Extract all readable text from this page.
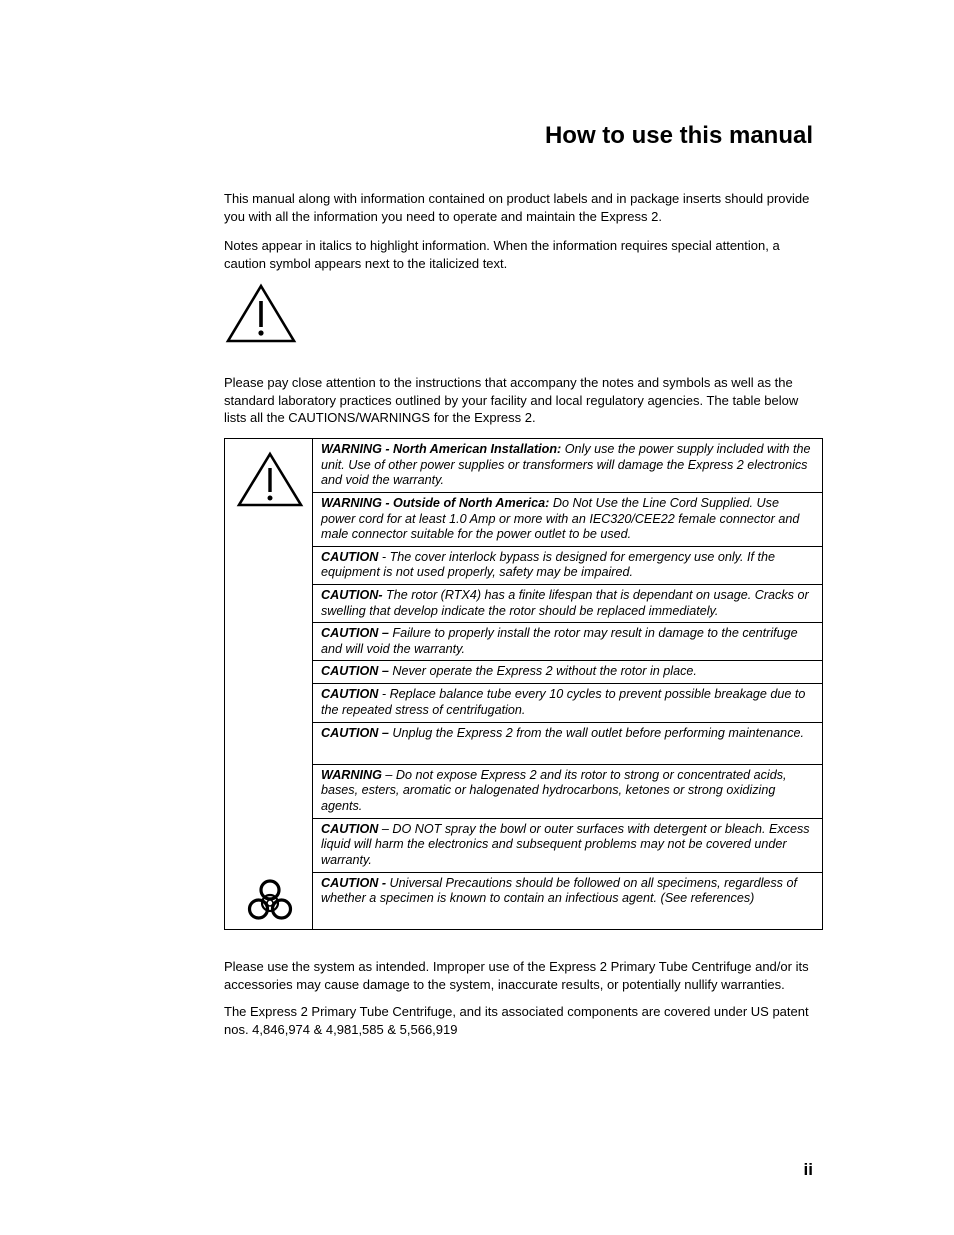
How to use this manual

This manual along with information contained on product labels and in package inserts should provide you with all the information you need to operate and maintain the Express 2.

Notes appear in italics to highlight information. When the information requires special attention, a caution symbol appears next to the italicized text.

Please pay close attention to the instructions that accompany the notes and symbols as well as the standard laboratory practices outlined by your facility and local regulatory agencies. The table below lists all the CAUTIONS/WARNINGS for the Express 2.

	WARNING - North American Installation: Only use the power supply included with the unit. Use of other power supplies or transformers will damage the Express 2 electronics and void the warranty.
WARNING - Outside of North America: Do Not Use the Line Cord Supplied. Use power cord for at least 1.0 Amp or more with an IEC320/CEE22 female connector and male connector suitable for the power outlet to be used.
CAUTION - The cover interlock bypass is designed for emergency use only. If the equipment is not used properly, safety may be impaired.
CAUTION- The rotor (RTX4) has a finite lifespan that is dependant on usage. Cracks or swelling that develop indicate the rotor should be replaced immediately.
CAUTION – Failure to properly install the rotor may result in damage to the centrifuge and will void the warranty.
CAUTION – Never operate the Express 2 without the rotor in place.
CAUTION - Replace balance tube every 10 cycles to prevent possible breakage due to the repeated stress of centrifugation.
CAUTION – Unplug the Express 2 from the wall outlet before performing maintenance.
WARNING – Do not expose Express 2 and its rotor to strong or concentrated acids, bases, esters, aromatic or halogenated hydrocarbons, ketones or strong oxidizing agents.
CAUTION – DO NOT spray the bowl or outer surfaces with detergent or bleach. Excess liquid will harm the electronics and subsequent problems may not be covered under warranty.
CAUTION - Universal Precautions should be followed on all specimens, regardless of whether a specimen is known to contain an infectious agent. (See references)

Please use the system as intended. Improper use of the Express 2 Primary Tube Centrifuge and/or its accessories may cause damage to the system, inaccurate results, or potentially nullify warranties.

The Express 2 Primary Tube Centrifuge, and its associated components are covered under US patent nos. 4,846,974 & 4,981,585 & 5,566,919

ii
